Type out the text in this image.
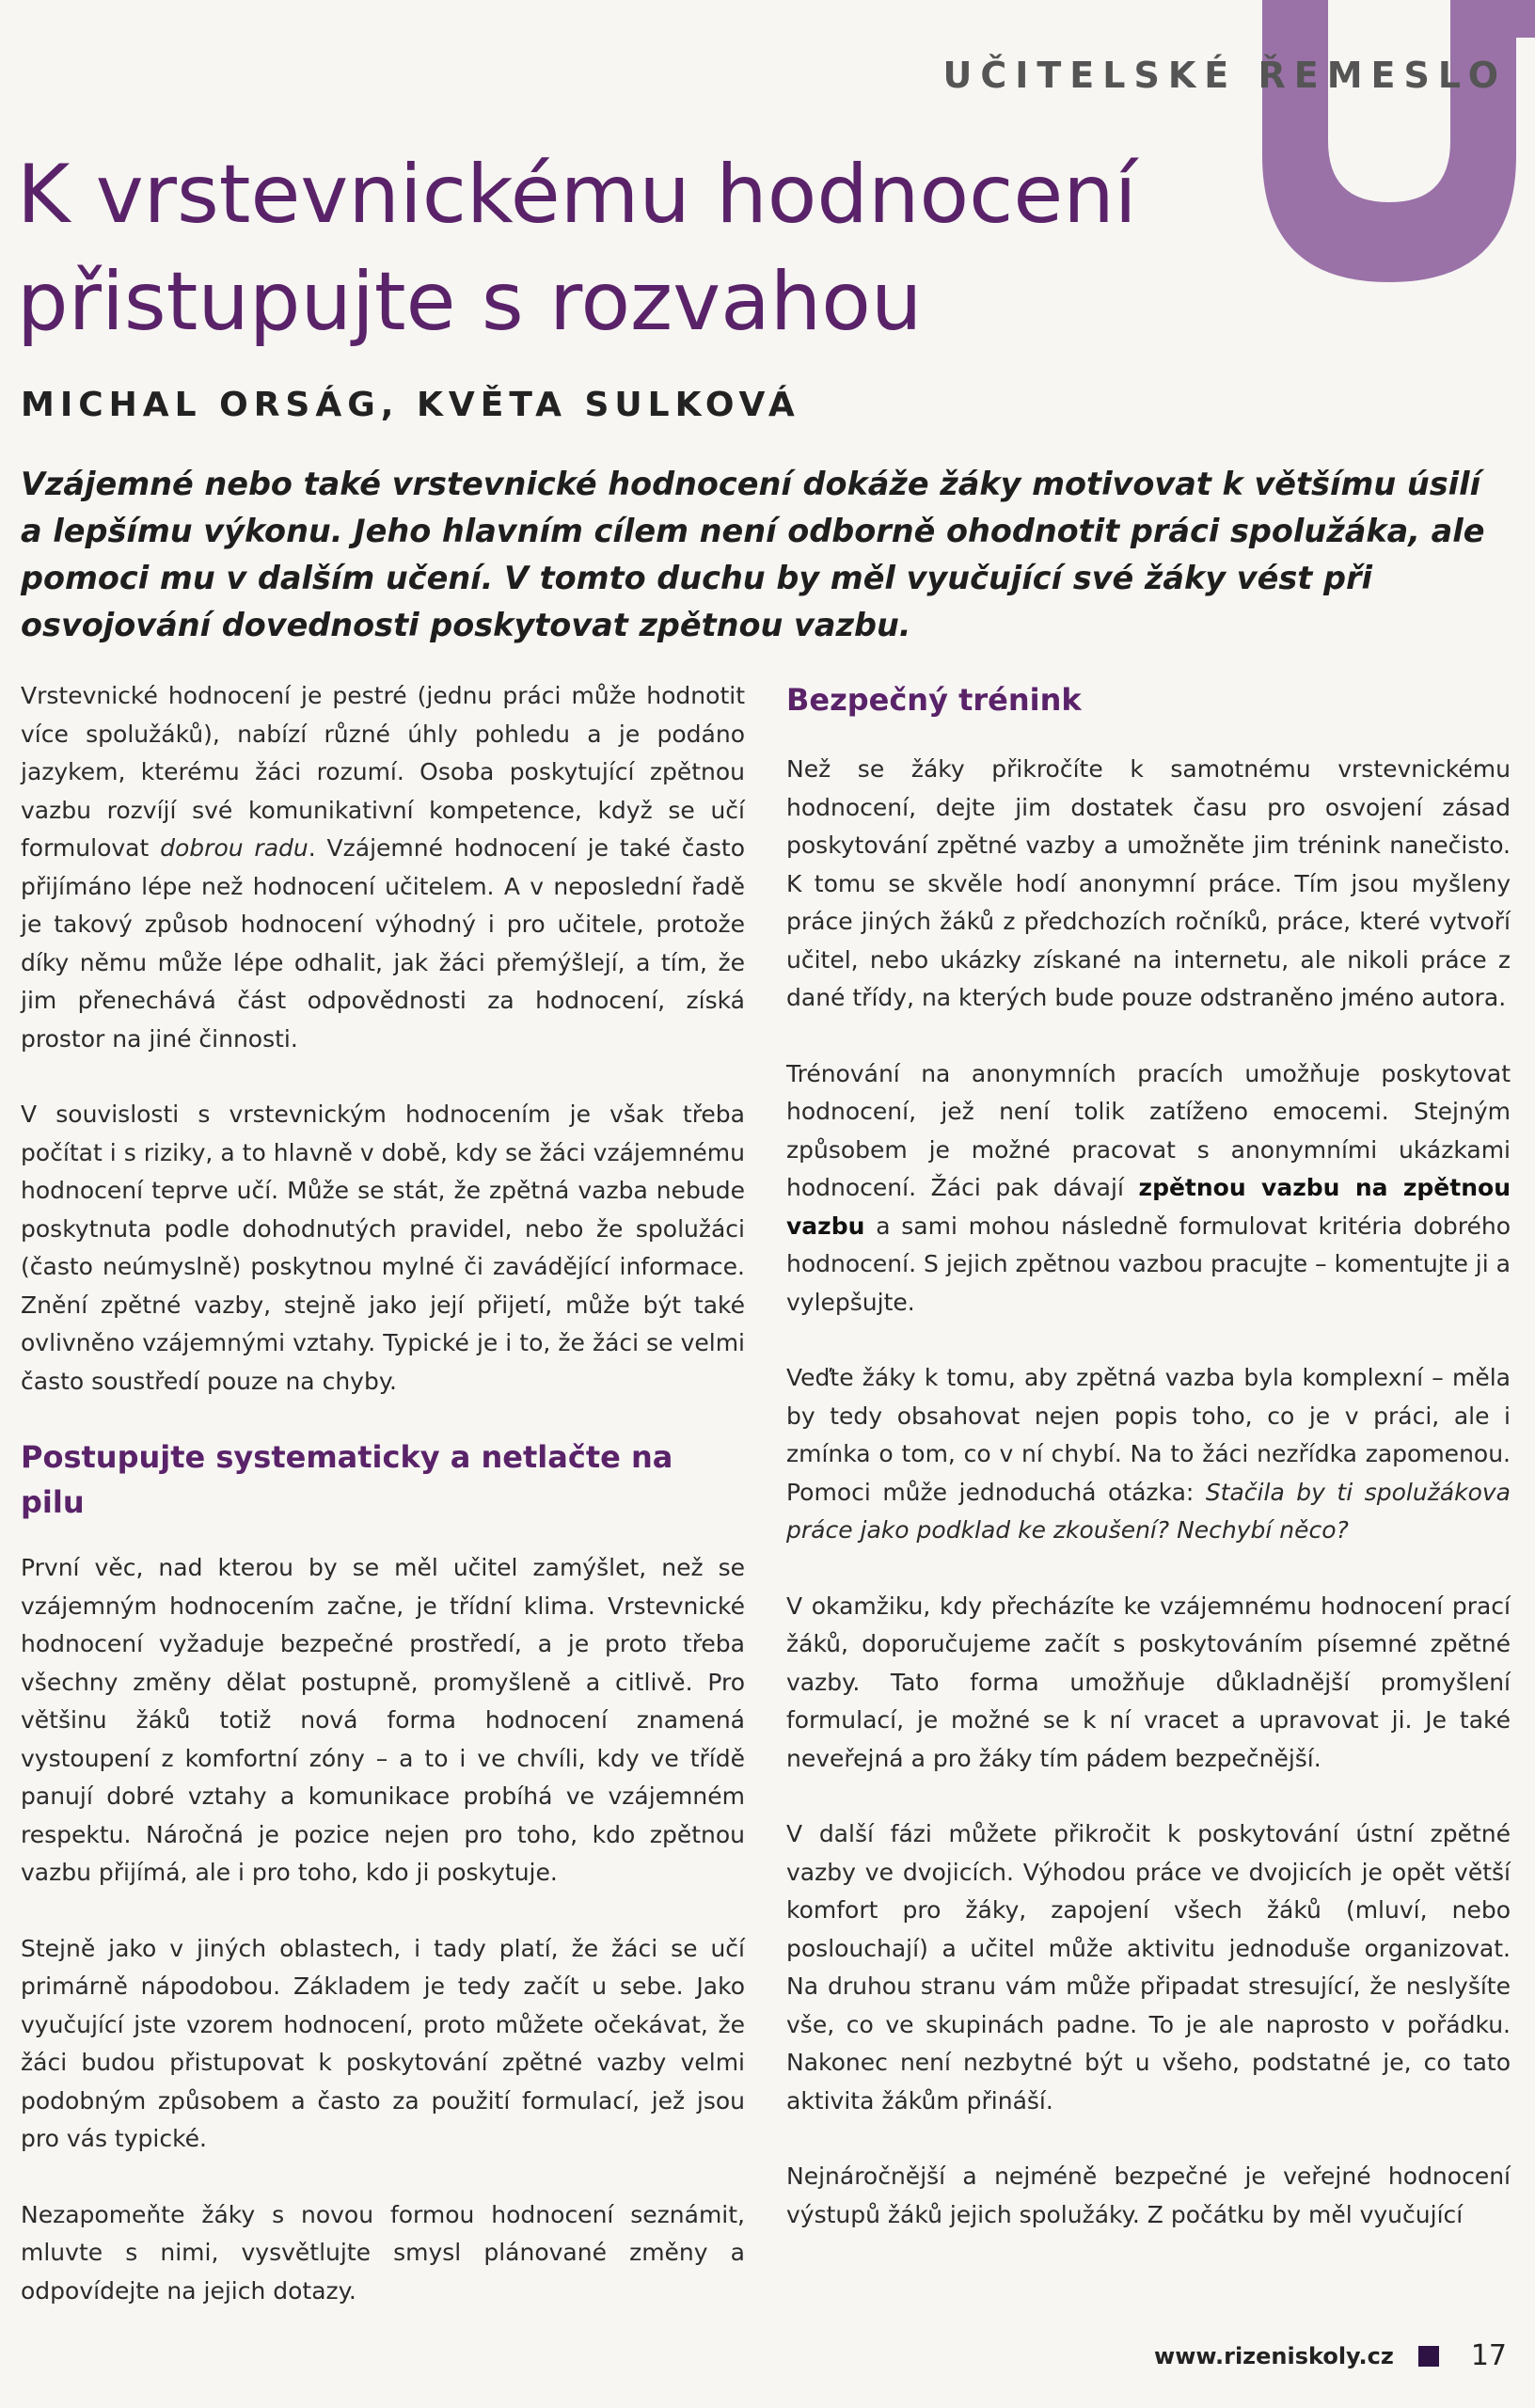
UČITELSKÉ ŘEMESLO
K vrstevnickému hodnocení přistupujte s rozvahou
MICHAL ORSÁG, KVĚTA SULKOVÁ

Vzájemné nebo také vrstevnické hodnocení dokáže žáky motivovat k většímu úsilí a lepšímu výkonu. Jeho hlavním cílem není odborně ohodnotit práci spolužáka, ale pomoci mu v dalším učení. V tomto duchu by měl vyučující své žáky vést při osvojování dovednosti poskytovat zpětnou vazbu.

Vrstevnické hodnocení je pestré (jednu práci může hodnotit více spolužáků), nabízí různé úhly pohledu a je podáno jazykem, kterému žáci rozumí. Osoba poskytující zpětnou vazbu rozvíjí své komunikativní kompetence, když se učí formulovat dobrou radu. Vzájemné hodnocení je také často přijímáno lépe než hodnocení učitelem. A v neposlední řadě je takový způsob hodnocení výhodný i pro učitele, protože díky němu může lépe odhalit, jak žáci přemýšlejí, a tím, že jim přenechává část odpovědnosti za hodnocení, získá prostor na jiné činnosti.

V souvislosti s vrstevnickým hodnocením je však třeba počítat i s riziky, a to hlavně v době, kdy se žáci vzájemnému hodnocení teprve učí. Může se stát, že zpětná vazba nebude poskytnuta podle dohodnutých pravidel, nebo že spolužáci (často neúmyslně) poskytnou mylné či zavádějící informace. Znění zpětné vazby, stejně jako její přijetí, může být také ovlivněno vzájemnými vztahy. Typické je i to, že žáci se velmi často soustředí pouze na chyby.

Postupujte systematicky a netlačte na pilu

První věc, nad kterou by se měl učitel zamýšlet, než se vzájemným hodnocením začne, je třídní klima. Vrstevnické hodnocení vyžaduje bezpečné prostředí, a je proto třeba všechny změny dělat postupně, promyšleně a citlivě. Pro většinu žáků totiž nová forma hodnocení znamená vystoupení z komfortní zóny – a to i ve chvíli, kdy ve třídě panují dobré vztahy a komunikace probíhá ve vzájemném respektu. Náročná je pozice nejen pro toho, kdo zpětnou vazbu přijímá, ale i pro toho, kdo ji poskytuje.

Stejně jako v jiných oblastech, i tady platí, že žáci se učí primárně nápodobou. Základem je tedy začít u sebe. Jako vyučující jste vzorem hodnocení, proto můžete očekávat, že žáci budou přistupovat k poskytování zpětné vazby velmi podobným způsobem a často za použití formulací, jež jsou pro vás typické.

Nezapomeňte žáky s novou formou hodnocení seznámit, mluvte s nimi, vysvětlujte smysl plánované změny a odpovídejte na jejich dotazy.

Bezpečný trénink

Než se žáky přikročíte k samotnému vrstevnickému hodnocení, dejte jim dostatek času pro osvojení zásad poskytování zpětné vazby a umožněte jim trénink nanečisto. K tomu se skvěle hodí anonymní práce. Tím jsou myšleny práce jiných žáků z předchozích ročníků, práce, které vytvoří učitel, nebo ukázky získané na internetu, ale nikoli práce z dané třídy, na kterých bude pouze odstraněno jméno autora.

Trénování na anonymních pracích umožňuje poskytovat hodnocení, jež není tolik zatíženo emocemi. Stejným způsobem je možné pracovat s anonymními ukázkami hodnocení. Žáci pak dávají zpětnou vazbu na zpětnou vazbu a sami mohou následně formulovat kritéria dobrého hodnocení. S jejich zpětnou vazbou pracujte – komentujte ji a vylepšujte.

Veďte žáky k tomu, aby zpětná vazba byla komplexní – měla by tedy obsahovat nejen popis toho, co je v práci, ale i zmínka o tom, co v ní chybí. Na to žáci nezřídka zapomenou. Pomoci může jednoduchá otázka: Stačila by ti spolužákova práce jako podklad ke zkoušení? Nechybí něco?

V okamžiku, kdy přecházíte ke vzájemnému hodnocení prací žáků, doporučujeme začít s poskytováním písemné zpětné vazby. Tato forma umožňuje důkladnější promyšlení formulací, je možné se k ní vracet a upravovat ji. Je také neveřejná a pro žáky tím pádem bezpečnější.

V další fázi můžete přikročit k poskytování ústní zpětné vazby ve dvojicích. Výhodou práce ve dvojicích je opět větší komfort pro žáky, zapojení všech žáků (mluví, nebo poslouchají) a učitel může aktivitu jednoduše organizovat. Na druhou stranu vám může připadat stresující, že neslyšíte vše, co ve skupinách padne. To je ale naprosto v pořádku. Nakonec není nezbytné být u všeho, podstatné je, co tato aktivita žákům přináší.

Nejnáročnější a nejméně bezpečné je veřejné hodnocení výstupů žáků jejich spolužáky. Z počátku by měl vyučující

www.rizeniskoly.cz	17
